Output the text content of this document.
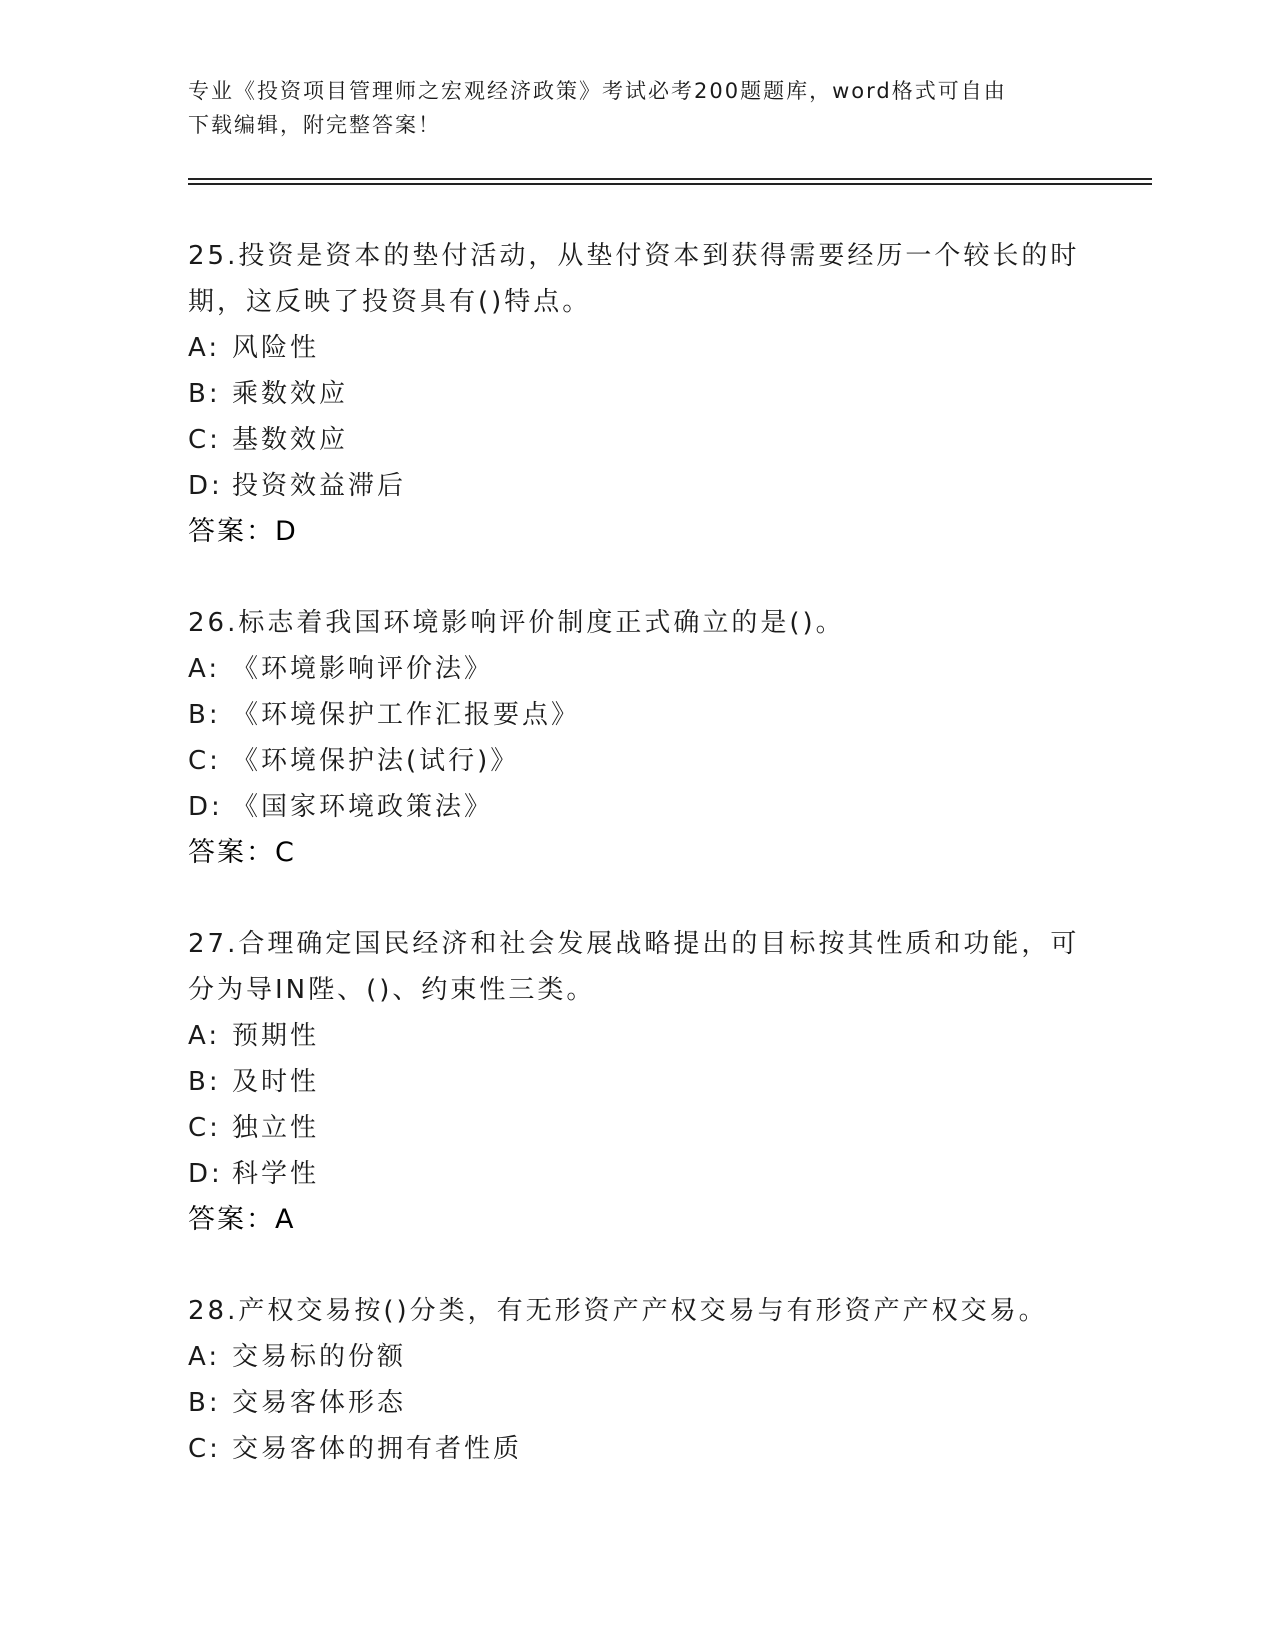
专业《投资项目管理师之宏观经济政策》考试必考200题题库，word格式可自由
下载编辑，附完整答案！

25.投资是资本的垫付活动，从垫付资本到获得需要经历一个较长的时

期，这反映了投资具有()特点。

A: 风险性

B: 乘数效应

C: 基数效应

D: 投资效益滞后

答案：D

26.标志着我国环境影响评价制度正式确立的是()。

A: 《环境影响评价法》

B: 《环境保护工作汇报要点》

C: 《环境保护法(试行)》

D: 《国家环境政策法》

答案：C

27.合理确定国民经济和社会发展战略提出的目标按其性质和功能，可

分为导IN陛、()、约束性三类。

A: 预期性

B: 及时性

C: 独立性

D: 科学性

答案：A

28.产权交易按()分类，有无形资产产权交易与有形资产产权交易。

A: 交易标的份额

B: 交易客体形态

C: 交易客体的拥有者性质
